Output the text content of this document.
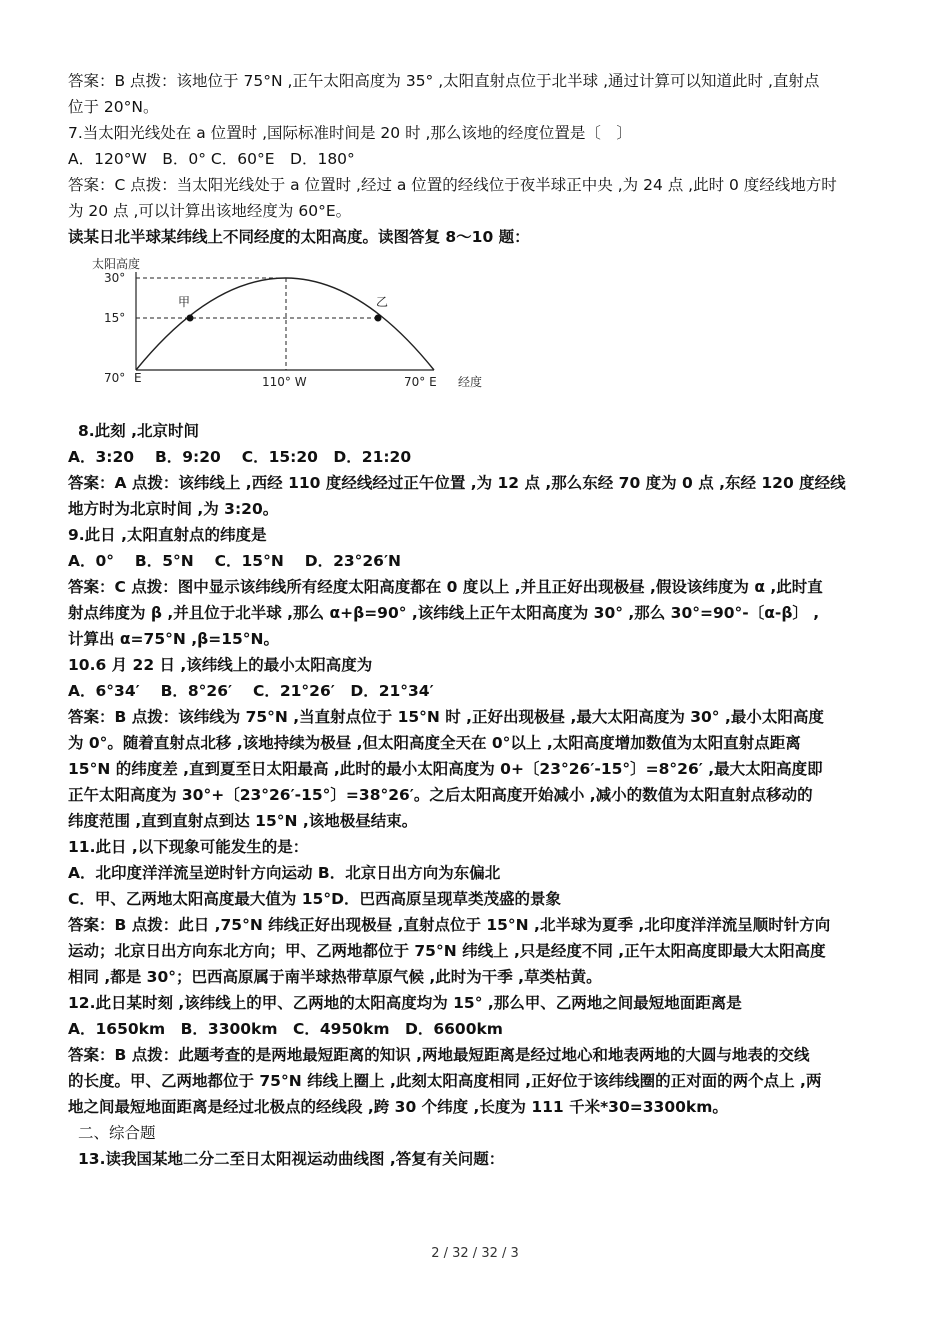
答案：B 点拨：该地位于 75°N ,正午太阳高度为 35° ,太阳直射点位于北半球 ,通过计算可以知道此时 ,直射点

位于 20°N。

7.当太阳光线处在 a 位置时 ,国际标准时间是 20 时 ,那么该地的经度位置是〔　〕

A．120°W　B．0° C．60°E　D．180°

答案：C 点拨：当太阳光线处于 a 位置时 ,经过 a 位置的经线位于夜半球正中央 ,为 24 点 ,此时 0 度经线地方时

为 20 点 ,可以计算出该地经度为 60°E。

读某日北半球某纬线上不同经度的太阳高度。读图答复 8～10 题：

太阳高度
甲	乙
30°
15°
70° E	110° W	70° E 经度

8.此刻 ,北京时间

A．3:20　 B．9:20　 C．15:20　D．21:20

答案：A 点拨：该纬线上 ,西经 110 度经线经过正午位置 ,为 12 点 ,那么东经 70 度为 0 点 ,东经 120 度经线

地方时为北京时间 ,为 3:20。

9.此日 ,太阳直射点的纬度是

A．0°　 B．5°N　 C．15°N　 D．23°26′N

答案：C 点拨：图中显示该纬线所有经度太阳高度都在 0 度以上 ,并且正好出现极昼 ,假设该纬度为 α ,此时直

射点纬度为 β ,并且位于北半球 ,那么 α+β=90° ,该纬线上正午太阳高度为 30° ,那么 30°=90°-〔α-β〕 ,

计算出 α=75°N ,β=15°N。

10.6 月 22 日 ,该纬线上的最小太阳高度为

A．6°34′　 B．8°26′　 C．21°26′　D．21°34′

答案：B 点拨：该纬线为 75°N ,当直射点位于 15°N 时 ,正好出现极昼 ,最大太阳高度为 30° ,最小太阳高度

为 0°。随着直射点北移 ,该地持续为极昼 ,但太阳高度全天在 0°以上 ,太阳高度增加数值为太阳直射点距离

15°N 的纬度差 ,直到夏至日太阳最高 ,此时的最小太阳高度为 0+〔23°26′-15°〕=8°26′ ,最大太阳高度即

正午太阳高度为 30°+〔23°26′-15°〕=38°26′。之后太阳高度开始减小 ,减小的数值为太阳直射点移动的

纬度范围 ,直到直射点到达 15°N ,该地极昼结束。

11.此日 ,以下现象可能发生的是：

A．北印度洋洋流呈逆时针方向运动 B．北京日出方向为东偏北

C．甲、乙两地太阳高度最大值为 15°D．巴西高原呈现草类茂盛的景象

答案：B 点拨：此日 ,75°N 纬线正好出现极昼 ,直射点位于 15°N ,北半球为夏季 ,北印度洋洋流呈顺时针方向

运动；北京日出方向东北方向；甲、乙两地都位于 75°N 纬线上 ,只是经度不同 ,正午太阳高度即最大太阳高度

相同 ,都是 30°；巴西高原属于南半球热带草原气候 ,此时为干季 ,草类枯黄。

12.此日某时刻 ,该纬线上的甲、乙两地的太阳高度均为 15° ,那么甲、乙两地之间最短地面距离是

A．1650km　B．3300km　C．4950km　D．6600km

答案：B 点拨：此题考查的是两地最短距离的知识 ,两地最短距离是经过地心和地表两地的大圆与地表的交线

的长度。甲、乙两地都位于 75°N 纬线上圈上 ,此刻太阳高度相同 ,正好位于该纬线圈的正对面的两个点上 ,两

地之间最短地面距离是经过北极点的经线段 ,跨 30 个纬度 ,长度为 111 千米*30=3300km。

二、综合题

13.读我国某地二分二至日太阳视运动曲线图 ,答复有关问题：

2 / 32 / 32 / 3
